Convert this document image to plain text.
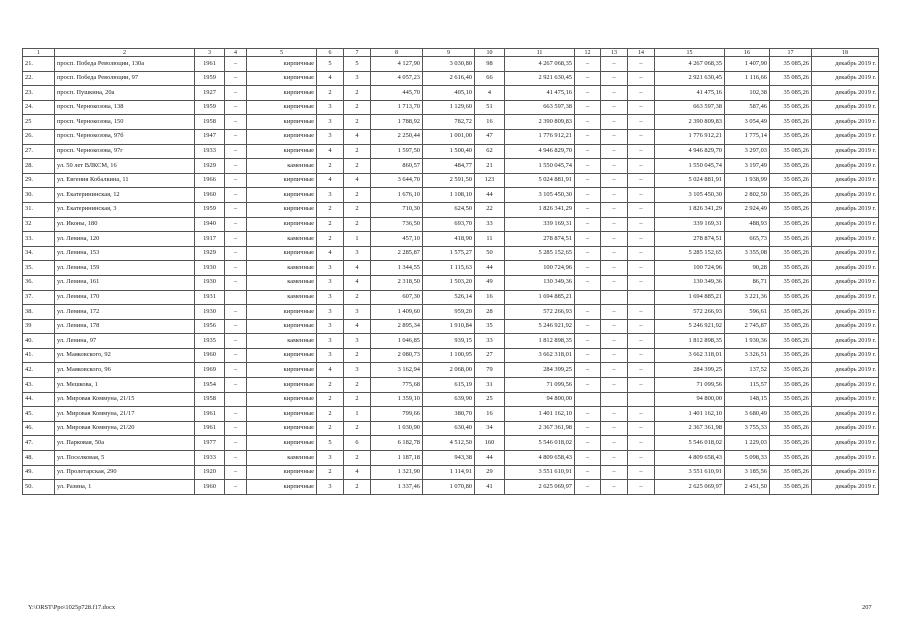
1	2	3	4	5	6	7	8	9	10	11	12	13	14	15	16	17	18
21.	просп. Победа Революции, 130а	1961	–	кирпичные	5	5	4 127,90	3 030,80	98	4 267 068,35	–	–	–	4 267 068,35	1 407,90	35 085,26	декабрь 2019 г.
22.	просп. Победа Революции, 97	1959	–	кирпичные	4	3	4 057,23	2 616,40	66	2 921 630,45	–	–	–	2 921 630,45	1 116,66	35 085,26	декабрь 2019 г.
23.	просп. Пушкина, 20а	1927	–	кирпичные	2	2	445,70	405,10	4	41 475,16	–	–	–	41 475,16	102,38	35 085,26	декабрь 2019 г.
24.	просп. Чернокозова, 138	1959	–	кирпичные	3	2	1 713,70	1 129,60	51	663 597,38	–	–	–	663 597,38	587,46	35 085,26	декабрь 2019 г.
25	просп. Чернокозова, 150	1958	–	кирпичные	3	2	1 788,92	782,72	16	2 390 809,83	–	–	–	2 390 809,83	3 054,49	35 085,26	декабрь 2019 г.
26.	просп. Чернокозова, 97б	1947	–	кирпичные	3	4	2 250,44	1 001,00	47	1 776 912,21	–	–	–	1 776 912,21	1 775,14	35 085,26	декабрь 2019 г.
27.	просп. Чернокозова, 97г	1933	–	кирпичные	4	2	1 597,50	1 500,40	62	4 946 829,70	–	–	–	4 946 829,70	3 297,03	35 085,26	декабрь 2019 г.
28.	ул. 50 лет ВЛКСМ, 16	1929	–	каменные	2	2	860,57	484,77	21	1 550 045,74	–	–	–	1 550 045,74	3 197,49	35 085,26	декабрь 2019 г.
29.	ул. Евгения Кобалкина, 11	1966	–	кирпичные	4	4	3 644,70	2 591,50	123	5 024 881,91	–	–	–	5 024 881,91	1 938,99	35 085,26	декабрь 2019 г.
30.	ул. Екатерининская, 12	1960	–	кирпичные	3	2	1 676,10	1 108,10	44	3 105 450,30	–	–	–	3 105 450,30	2 802,50	35 085,26	декабрь 2019 г.
31.	ул. Екатерининская, 3	1959	–	кирпичные	2	2	710,30	624,50	22	1 826 341,29	–	–	–	1 826 341,29	2 924,49	35 085,26	декабрь 2019 г.
32	ул. Иконы, 180	1940	–	кирпичные	2	2	736,50	693,70	33	339 169,31	–	–	–	339 169,31	488,93	35 085,26	декабрь 2019 г.
33.	ул. Ленина, 120	1917	–	каменные	2	1	457,10	418,90	11	278 874,51	–	–	–	278 874,51	665,73	35 085,26	декабрь 2019 г.
34.	ул. Ленина, 153	1929	–	кирпичные	4	3	2 285,87	1 575,27	50	5 285 152,65	–	–	–	5 285 152,65	3 355,08	35 085,26	декабрь 2019 г.
35.	ул. Ленина, 159	1930	–	каменные	3	4	1 344,55	1 115,63	44	100 724,96	–	–	–	100 724,96	90,28	35 085,26	декабрь 2019 г.
36.	ул. Ленина, 161	1930	–	каменные	3	4	2 318,50	1 503,20	49	130 349,36	–	–	–	130 349,36	86,71	35 085,26	декабрь 2019 г.
37.	ул. Ленина, 170	1931		каменные	3	2	607,30	526,14	16	1 694 885,21				1 694 885,21	3 221,36	35 085,26	декабрь 2019 г.
38.	ул. Ленина, 172	1930	–	кирпичные	3	3	1 409,60	959,20	28	572 266,93	–	–	–	572 266,93	596,61	35 085,26	декабрь 2019 г.
39	ул. Ленина, 178	1956	–	кирпичные	3	4	2 895,34	1 910,84	35	5 246 921,92	–	–	–	5 246 921,92	2 745,87	35 085,26	декабрь 2019 г.
40.	ул. Ленина, 97	1935	–	каменные	3	3	1 046,85	939,15	33	1 812 898,35	–	–	–	1 812 898,35	1 930,36	35 085,26	декабрь 2019 г.
41.	ул. Маяковского, 92	1960	–	кирпичные	3	2	2 080,73	1 100,95	27	3 662 318,01	–	–	–	3 662 318,01	3 326,51	35 085,26	декабрь 2019 г.
42.	ул. Маяковского, 96	1969	–	кирпичные	4	3	3 162,94	2 068,00	79	284 399,25	–	–	–	284 399,25	137,52	35 085,26	декабрь 2019 г.
43.	ул. Мешкова, 1	1954	–	кирпичные	2	2	775,68	615,19	31	71 099,56	–	–	–	71 099,56	115,57	35 085,26	декабрь 2019 г.
44.	ул. Мировая Коммуна, 21/15	1958		кирпичные	2	2	1 359,10	639,90	25	94 800,00				94 800,00	148,15	35 085,26	декабрь 2019 г.
45.	ул. Мировая Коммуна, 21/17	1961	–	кирпичные	2	1	799,66	380,70	16	1 401 162,10	–	–	–	1 401 162,10	3 680,49	35 085,26	декабрь 2019 г.
46.	ул. Мировая Коммуна, 21/20	1961	–	кирпичные	2	2	1 030,90	630,40	34	2 367 361,98	–	–	–	2 367 361,98	3 755,33	35 085,26	декабрь 2019 г.
47.	ул. Парковая, 50а	1977	–	кирпичные	5	6	6 182,78	4 512,50	160	5 546 018,02	–	–	–	5 546 018,02	1 229,03	35 085,26	декабрь 2019 г.
48.	ул. Поселковая, 5	1933	–	каменные	3	2	1 187,18	943,38	44	4 809 658,43	–	–	–	4 809 658,43	5 098,33	35 085,26	декабрь 2019 г.
49.	ул. Пролетарская, 290	1920	–	кирпичные	2	4	1 321,90	1 114,91	29	3 551 610,91	–	–	–	3 551 610,91	3 185,56	35 085,26	декабрь 2019 г.
50.	ул. Разина, 1	1960	–	кирпичные	3	2	1 337,46	1 070,80	41	2 625 069,97	–	–	–	2 625 069,97	2 451,50	35 085,26	декабрь 2019 г.
Y:\ORST\Ppo\1025p728.f17.docx	207
